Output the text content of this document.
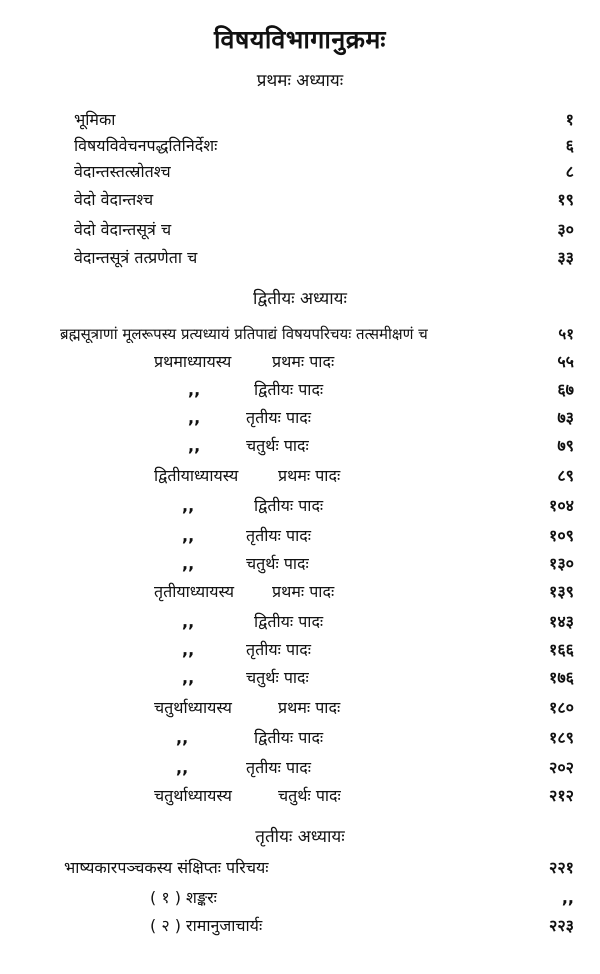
विषयविभागानुक्रमः
प्रथमः अध्यायः
भूमिका	१
विषयविवेचनपद्धतिनिर्देशः	६
वेदान्तस्तत्स्रोतश्च	८
वेदो वेदान्तश्च	१९
वेदो वेदान्तसूत्रं च	३०
वेदान्तसूत्रं तत्प्रणेता च	३३
द्वितीयः अध्यायः
ब्रह्मसूत्राणां मूलरूपस्य प्रत्यध्यायं प्रतिपाद्यं विषयपरिचयः तत्समीक्षणं च	५१
प्रथमाध्यायस्य	प्रथमः पादः	५५
,,	द्वितीयः पादः	६७
,,	तृतीयः पादः	७३
,,	चतुर्थः पादः	७९
द्वितीयाध्यायस्य प्रथमः पादः	८९
,,	द्वितीयः पादः	१०४
,,	तृतीयः पादः	१०९
,,	चतुर्थः पादः	१३०
तृतीयाध्यायस्य प्रथमः पादः	१३९
,,	द्वितीयः पादः	१४३
,,	तृतीयः पादः	१६६
,,	चतुर्थः पादः	१७६
चतुर्थाध्यायस्य	प्रथमः पादः	१८०
,,	द्वितीयः पादः	१८९
,,	तृतीयः पादः	२०२
चतुर्थाध्यायस्य	चतुर्थः पादः	२१२
तृतीयः अध्यायः
भाष्यकारपञ्चकस्य संक्षिप्तः परिचयः	२२१
( १ ) शङ्करः	,,
( २ ) रामानुजाचार्यः	२२३
